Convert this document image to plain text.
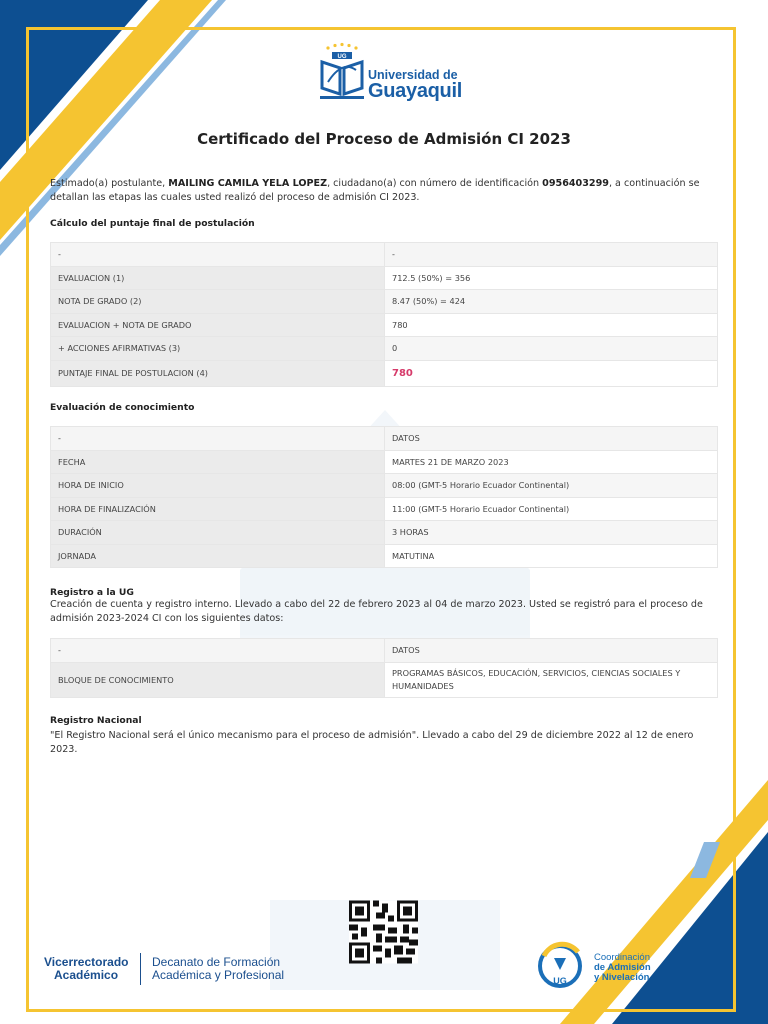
UG
Universidad de
Guayaquil
Certificado del Proceso de Admisión CI 2023
Estimado(a) postulante, MAILING CAMILA YELA LOPEZ, ciudadano(a) con número de identificación 0956403299, a continuación se detallan las etapas las cuales usted realizó del proceso de admisión CI 2023.
Cálculo del puntaje final de postulación
-	-
EVALUACION (1)	712.5 (50%) = 356
NOTA DE GRADO (2)	8.47 (50%) = 424
EVALUACION + NOTA DE GRADO	780
+ ACCIONES AFIRMATIVAS (3)	0
PUNTAJE FINAL DE POSTULACION (4)	780
Evaluación de conocimiento
-	DATOS
FECHA	MARTES 21 DE MARZO 2023
HORA DE INICIO	08:00 (GMT-5 Horario Ecuador Continental)
HORA DE FINALIZACIÓN	11:00 (GMT-5 Horario Ecuador Continental)
DURACIÓN	3 HORAS
JORNADA	MATUTINA
Registro a la UG
Creación de cuenta y registro interno. Llevado a cabo del 22 de febrero 2023 al 04 de marzo 2023. Usted se registró para el proceso de admisión 2023-2024 CI con los siguientes datos:
-	DATOS
BLOQUE DE CONOCIMIENTO	PROGRAMAS BÁSICOS, EDUCACIÓN, SERVICIOS, CIENCIAS SOCIALES Y HUMANIDADES
Registro Nacional
"El Registro Nacional será el único mecanismo para el proceso de admisión". Llevado a cabo del 29 de diciembre 2022 al 12 de enero 2023.
Vicerrectorado
Académico
Decanato de Formación
Académica y Profesional	UG
Coordinación
de Admisión
y Nivelación
